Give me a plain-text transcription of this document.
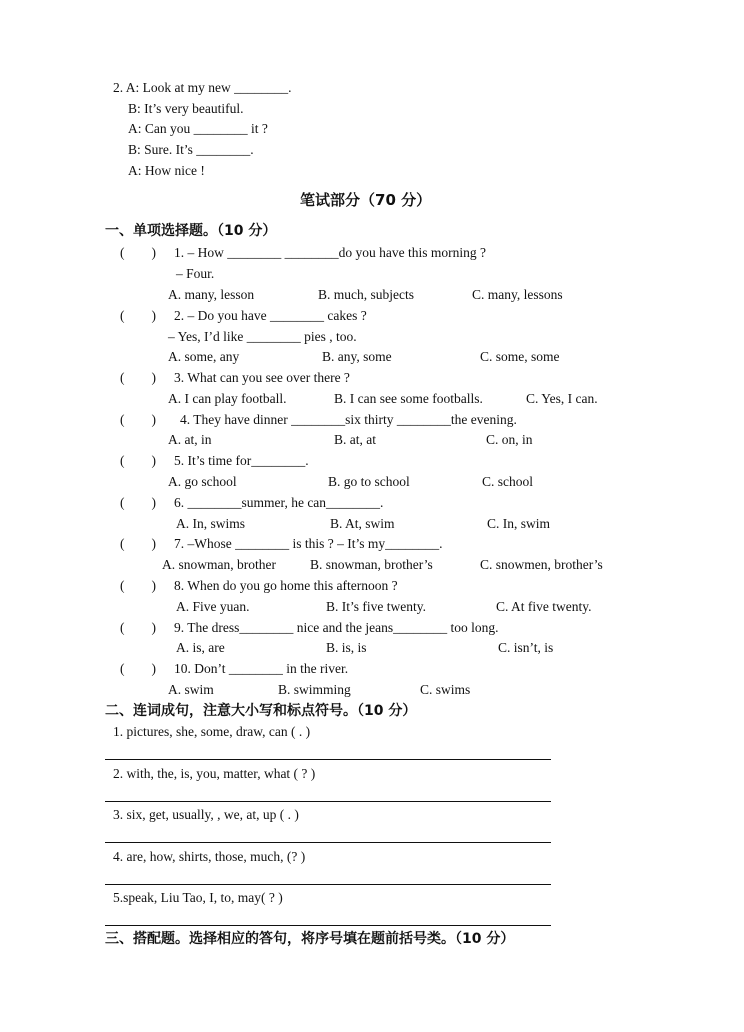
2. A: Look at my new ________.
B: It’s very beautiful.
A: Can you ________ it ?
B: Sure. It’s ________.
A: How nice !
笔试部分（70 分）
一、单项选择题。（10 分）
(　　) 1. – How ________ ________do you have this morning ?
– Four.
A. many, lesson	B. much, subjects	C. many, lessons
(　　) 2. – Do you have ________ cakes ?
– Yes, I’d like ________ pies , too.
A. some, any	B. any, some	C. some, some
(　　) 3. What can you see over there ?
A. I can play football.	B. I can see some footballs.	C. Yes, I can.
(　　) 4. They have dinner ________six thirty ________the evening.
A. at, in	B. at, at	C. on, in
(　　) 5. It’s time for________.
A. go school	B. go to school	C. school
(　　) 6. ________summer, he can________.
A. In, swims	B. At, swim	C. In, swim
(　　) 7. –Whose ________ is this ? – It’s my________.
A. snowman, brother	B. snowman, brother’s	C. snowmen, brother’s
(　　) 8. When do you go home this afternoon ?
A. Five yuan.	B. It’s five twenty.	C. At five twenty.
(　　) 9. The dress________ nice and the jeans________ too long.
A. is, are	B. is, is	C. isn’t, is
(　　) 10. Don’t ________ in the river.
A. swim	B. swimming	C. swims
二、连词成句，注意大小写和标点符号。（10 分）
1. pictures, she, some, draw, can ( . )
2. with, the, is, you, matter, what ( ? )
3. six, get, usually, , we, at, up ( . )
4. are, how, shirts, those, much, (? )
5.speak, Liu Tao, I, to, may( ? )
三、搭配题。选择相应的答句，将序号填在题前括号类。（10 分）
